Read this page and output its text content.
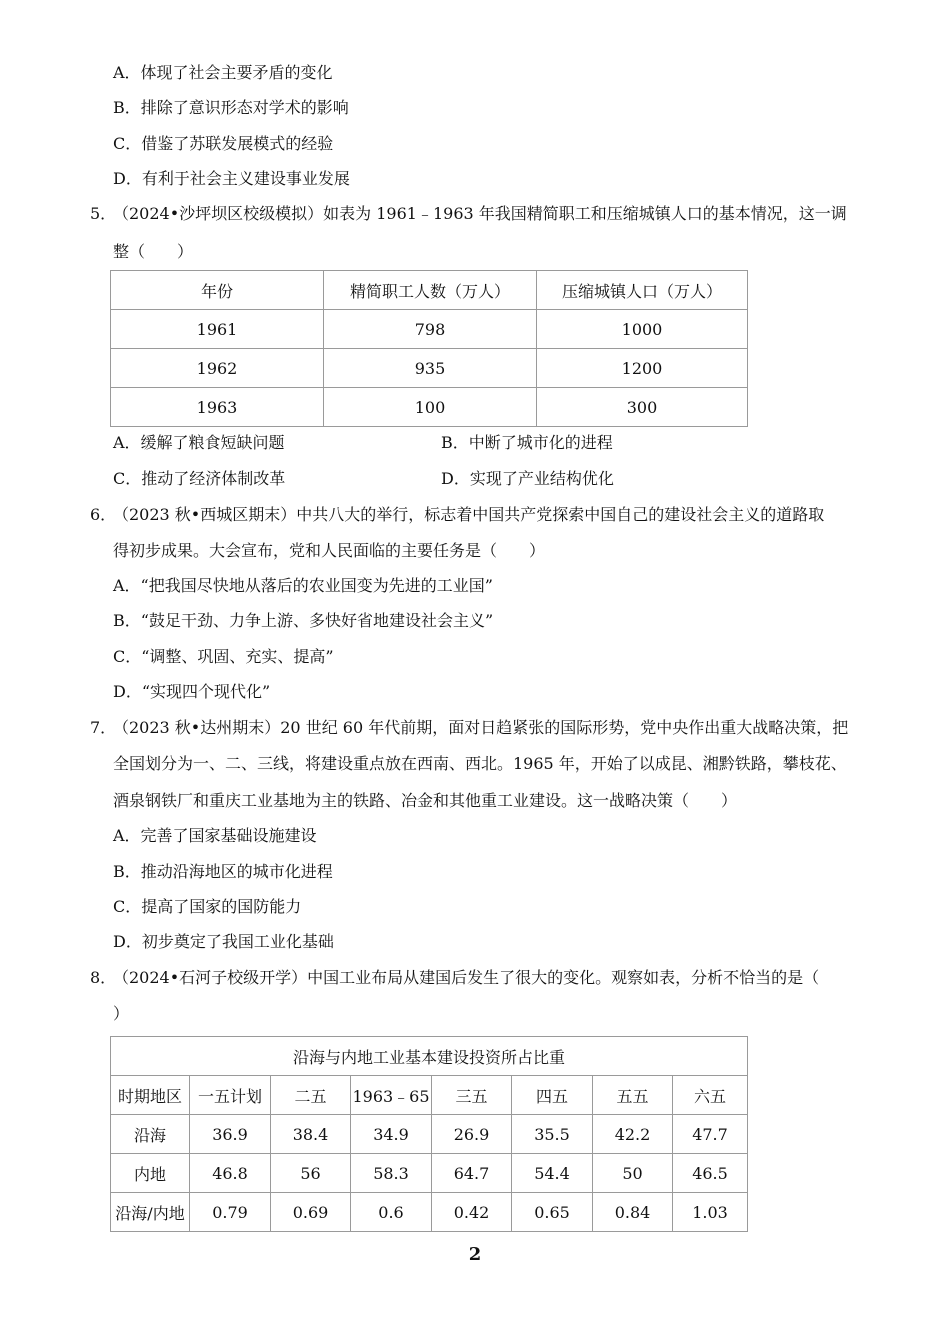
A．体现了社会主要矛盾的变化
B．排除了意识形态对学术的影响
C．借鉴了苏联发展模式的经验
D．有利于社会主义建设事业发展
5．
（2024•沙坪坝区校级模拟）如表为 1961﹣1963 年我国精简职工和压缩城镇人口的基本情况，这一调
整（　　）
年份	精简职工人数（万人）	压缩城镇人口（万人）
1961	798	1000
1962	935	1200
1963	100	300
A．缓解了粮食短缺问题	B．中断了城市化的进程
C．推动了经济体制改革	D．实现了产业结构优化
6．
（2023 秋•西城区期末）中共八大的举行，标志着中国共产党探索中国自己的建设社会主义的道路取
得初步成果。大会宣布，党和人民面临的主要任务是（　　）
A．“把我国尽快地从落后的农业国变为先进的工业国”
B．“鼓足干劲、力争上游、多快好省地建设社会主义”
C．“调整、巩固、充实、提高”
D．“实现四个现代化”
7．
（2023 秋•达州期末）20 世纪 60 年代前期，面对日趋紧张的国际形势，党中央作出重大战略决策，把
全国划分为一、二、三线，将建设重点放在西南、西北。1965 年，开始了以成昆、湘黔铁路，攀枝花、
酒泉钢铁厂和重庆工业基地为主的铁路、冶金和其他重工业建设。这一战略决策（　　）
A．完善了国家基础设施建设
B．推动沿海地区的城市化进程
C．提高了国家的国防能力
D．初步奠定了我国工业化基础
8．
（2024•石河子校级开学）中国工业布局从建国后发生了很大的变化。观察如表，分析不恰当的是（
）
沿海与内地工业基本建设投资所占比重							
时期地区	一五计划	二五	1963﹣65	三五	四五	五五	六五
沿海	36.9	38.4	34.9	26.9	35.5	42.2	47.7
内地	46.8	56	58.3	64.7	54.4	50	46.5
沿海/内地	0.79	0.69	0.6	0.42	0.65	0.84	1.03
2
